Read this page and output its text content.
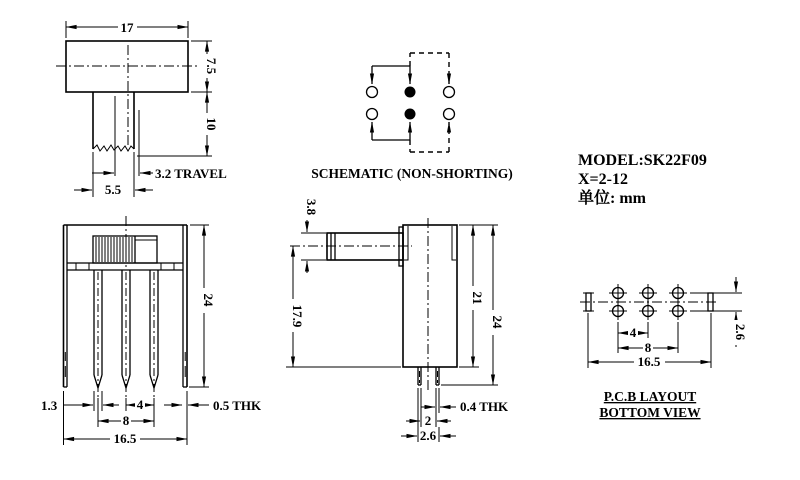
17
7.5
10
3.2 TRAVEL
5.5
SCHEMATIC (NON-SHORTING)
MODEL:SK22F09
X=2-12
单位: mm
24
1.3	4
8
16.5
0.5 THK
3.8
17.9
21
24
0.4 THK
2
2.6
4
8
16.5
2.6
P.C.B LAYOUT
BOTTOM VIEW
